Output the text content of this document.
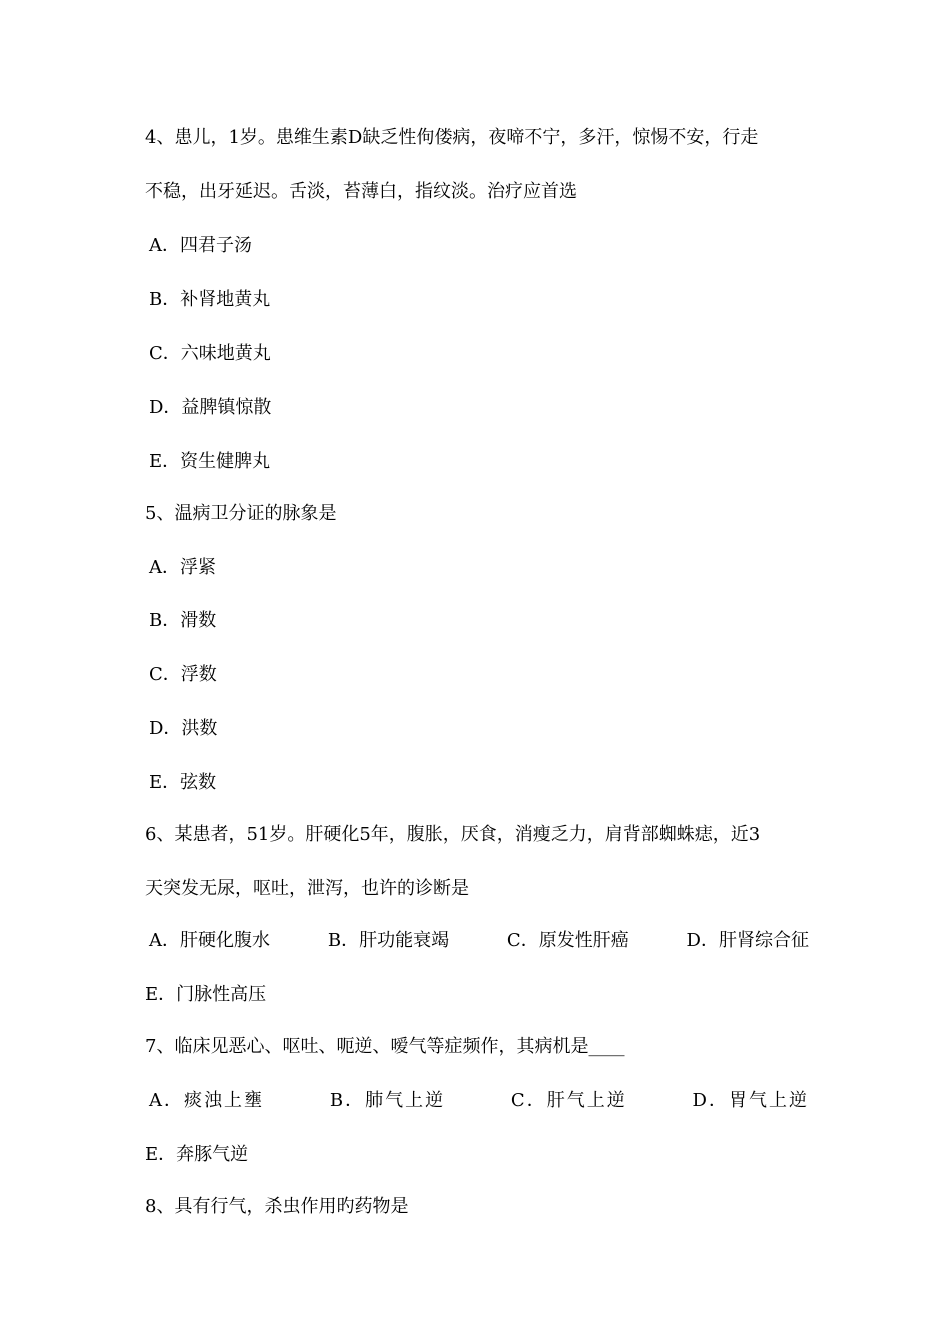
4、患儿，1岁。患维生素D缺乏性佝偻病，夜啼不宁，多汗，惊惕不安，行走
不稳，出牙延迟。舌淡，苔薄白，指纹淡。治疗应首选
A．四君子汤
B．补肾地黄丸
C．六味地黄丸
D．益脾镇惊散
E．资生健脾丸
5、温病卫分证的脉象是
A．浮紧
B．滑数
C．浮数
D．洪数
E．弦数
6、某患者，51岁。肝硬化5年，腹胀，厌食，消瘦乏力，肩背部蜘蛛痣，近3
天突发无尿，呕吐，泄泻，也许的诊断是
A．肝硬化腹水	B．肝功能衰竭	C．原发性肝癌	D．肝肾综合征
E．门脉性高压
7、临床见恶心、呕吐、呃逆、嗳气等症频作，其病机是____
A．痰浊上壅	B．肺气上逆	C．肝气上逆	D．胃气上逆
E．奔豚气逆
8、具有行气，杀虫作用旳药物是
